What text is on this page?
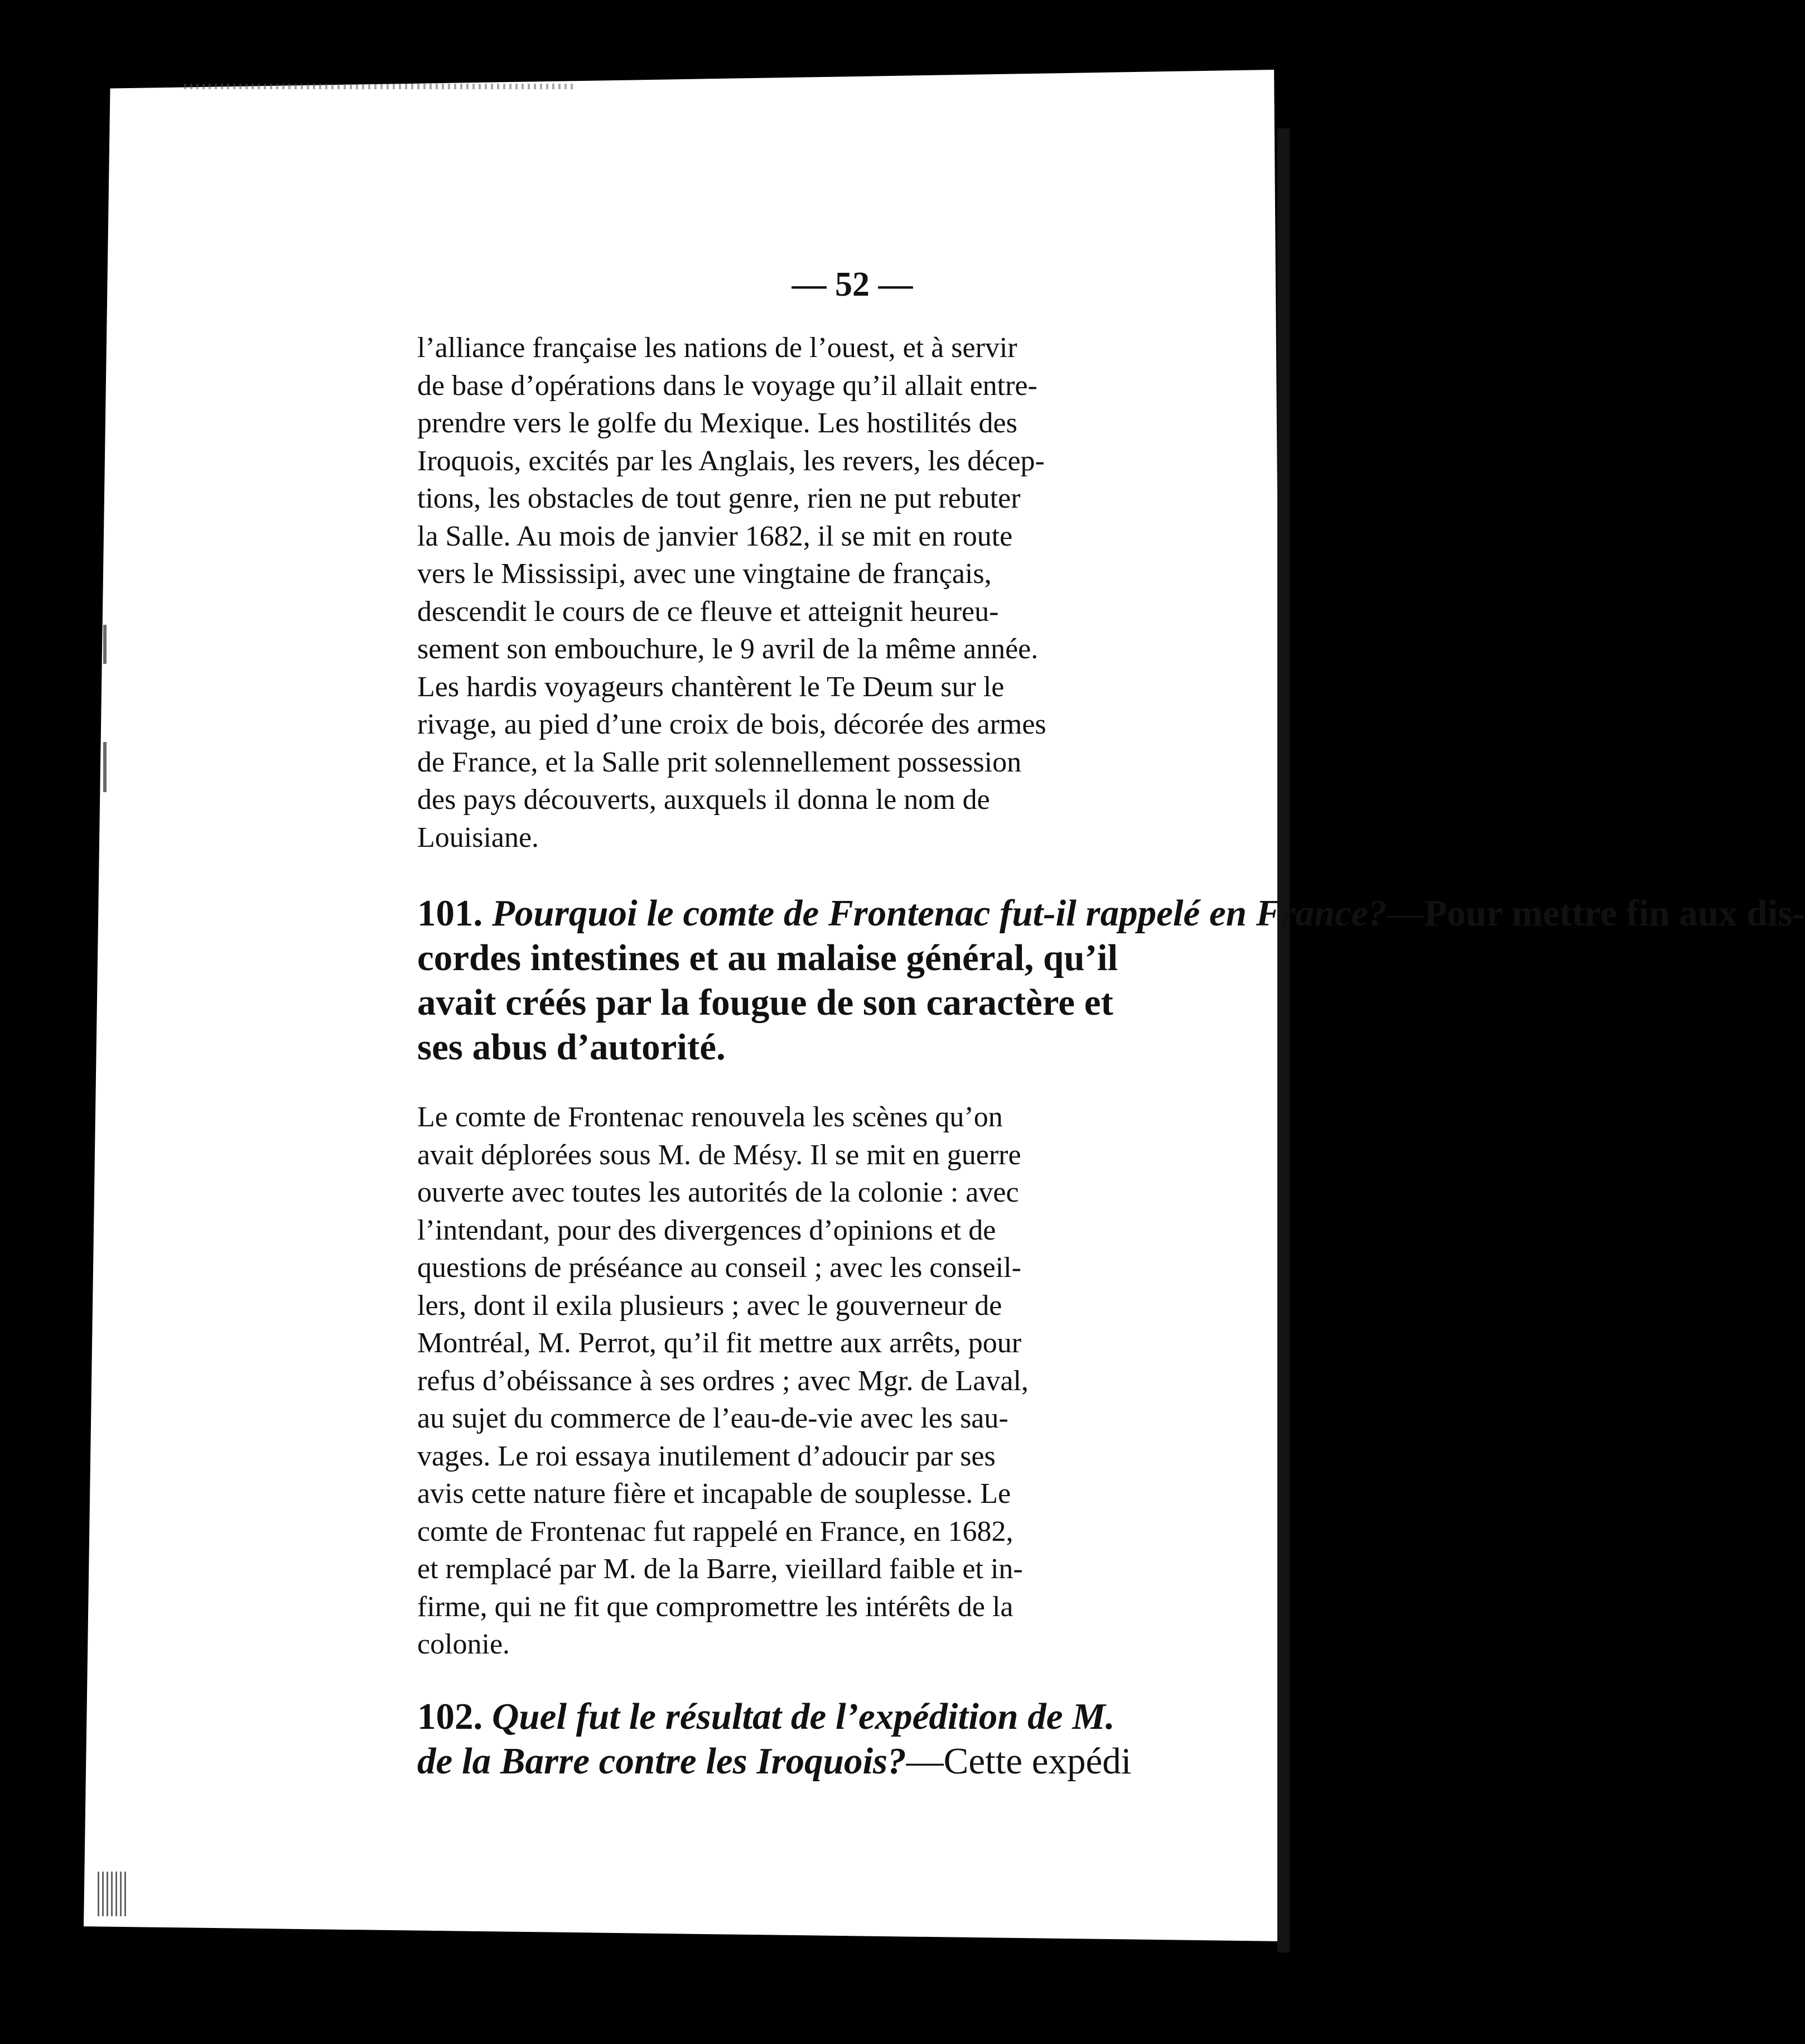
— 52 —

l’alliance française les nations de l’ouest, et à servir
de base d’opérations dans le voyage qu’il allait entre-
prendre vers le golfe du Mexique. Les hostilités des
Iroquois, excités par les Anglais, les revers, les décep-
tions, les obstacles de tout genre, rien ne put rebuter
la Salle. Au mois de janvier 1682, il se mit en route
vers le Mississipi, avec une vingtaine de français,
descendit le cours de ce fleuve et atteignit heureu-
sement son embouchure, le 9 avril de la même année.
Les hardis voyageurs chantèrent le Te Deum sur le
rivage, au pied d’une croix de bois, décorée des armes
de France, et la Salle prit solennellement possession
des pays découverts, auxquels il donna le nom de
Louisiane.

101. Pourquoi le comte de Frontenac fut-il rappelé en France?—Pour mettre fin aux dis-
cordes intestines et au malaise général, qu’il
avait créés par la fougue de son caractère et
ses abus d’autorité.

Le comte de Frontenac renouvela les scènes qu’on
avait déplorées sous M. de Mésy. Il se mit en guerre
ouverte avec toutes les autorités de la colonie : avec
l’intendant, pour des divergences d’opinions et de
questions de préséance au conseil ; avec les conseil-
lers, dont il exila plusieurs ; avec le gouverneur de
Montréal, M. Perrot, qu’il fit mettre aux arrêts, pour
refus d’obéissance à ses ordres ; avec Mgr. de Laval,
au sujet du commerce de l’eau-de-vie avec les sau-
vages. Le roi essaya inutilement d’adoucir par ses
avis cette nature fière et incapable de souplesse. Le
comte de Frontenac fut rappelé en France, en 1682,
et remplacé par M. de la Barre, vieillard faible et in-
firme, qui ne fit que compromettre les intérêts de la
colonie.

102. Quel fut le résultat de l’expédition de M.
de la Barre contre les Iroquois?—Cette expédi
